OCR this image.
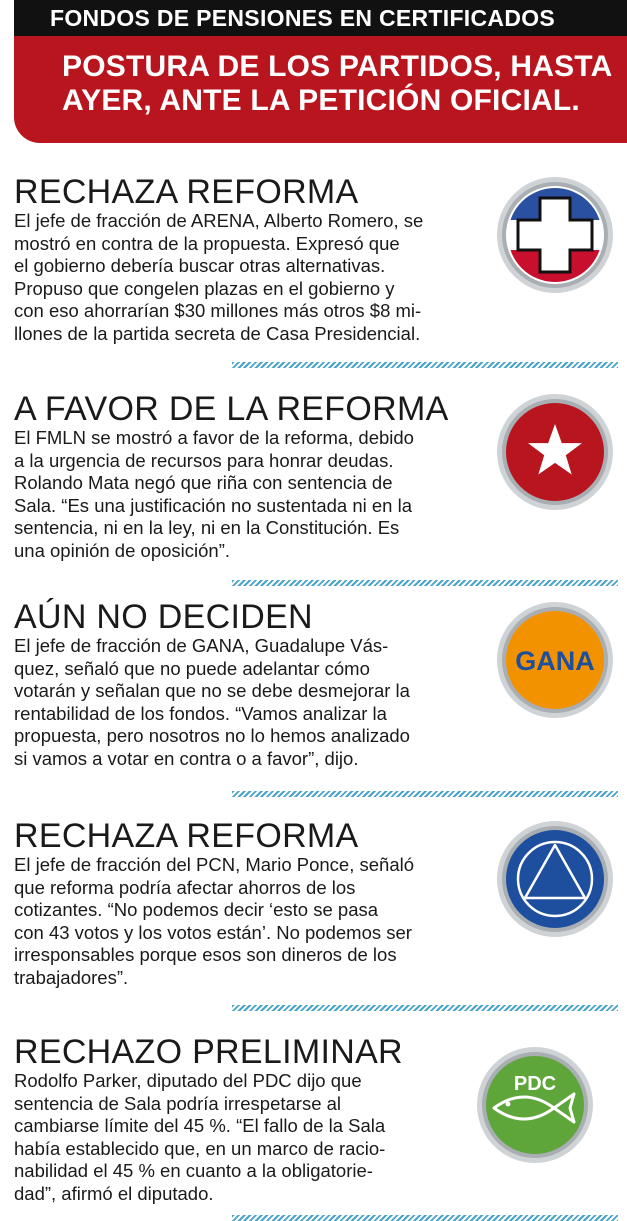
FONDOS DE PENSIONES EN CERTIFICADOS
POSTURA DE LOS PARTIDOS, HASTA
AYER, ANTE LA PETICIÓN OFICIAL.
RECHAZA REFORMA
El jefe de fracción de ARENA, Alberto Romero, se
mostró en contra de la propuesta. Expresó que
el gobierno debería buscar otras alternativas.
Propuso que congelen plazas en el gobierno y
con eso ahorrarían $30 millones más otros $8 mi-
llones de la partida secreta de Casa Presidencial.
A FAVOR DE LA REFORMA
El FMLN se mostró a favor de la reforma, debido
a la urgencia de recursos para honrar deudas.
Rolando Mata negó que riña con sentencia de
Sala. “Es una justificación no sustentada ni en la
sentencia, ni en la ley, ni en la Constitución. Es
una opinión de oposición”.
AÚN NO DECIDEN
El jefe de fracción de GANA, Guadalupe Vás-
quez, señaló que no puede adelantar cómo
votarán y señalan que no se debe desmejorar la
rentabilidad de los fondos. “Vamos analizar la
propuesta, pero nosotros no lo hemos analizado
si vamos a votar en contra o a favor”, dijo.
GANA
RECHAZA REFORMA
El jefe de fracción del PCN, Mario Ponce, señaló
que reforma podría afectar ahorros de los
cotizantes. “No podemos decir ‘esto se pasa
con 43 votos y los votos están’. No podemos ser
irresponsables porque esos son dineros de los
trabajadores”.
RECHAZO PRELIMINAR
Rodolfo Parker, diputado del PDC dijo que
sentencia de Sala podría irrespetarse al
cambiarse límite del 45 %. “El fallo de la Sala
había establecido que, en un marco de racio-
nabilidad el 45 % en cuanto a la obligatorie-
dad”, afirmó el diputado.
PDC
